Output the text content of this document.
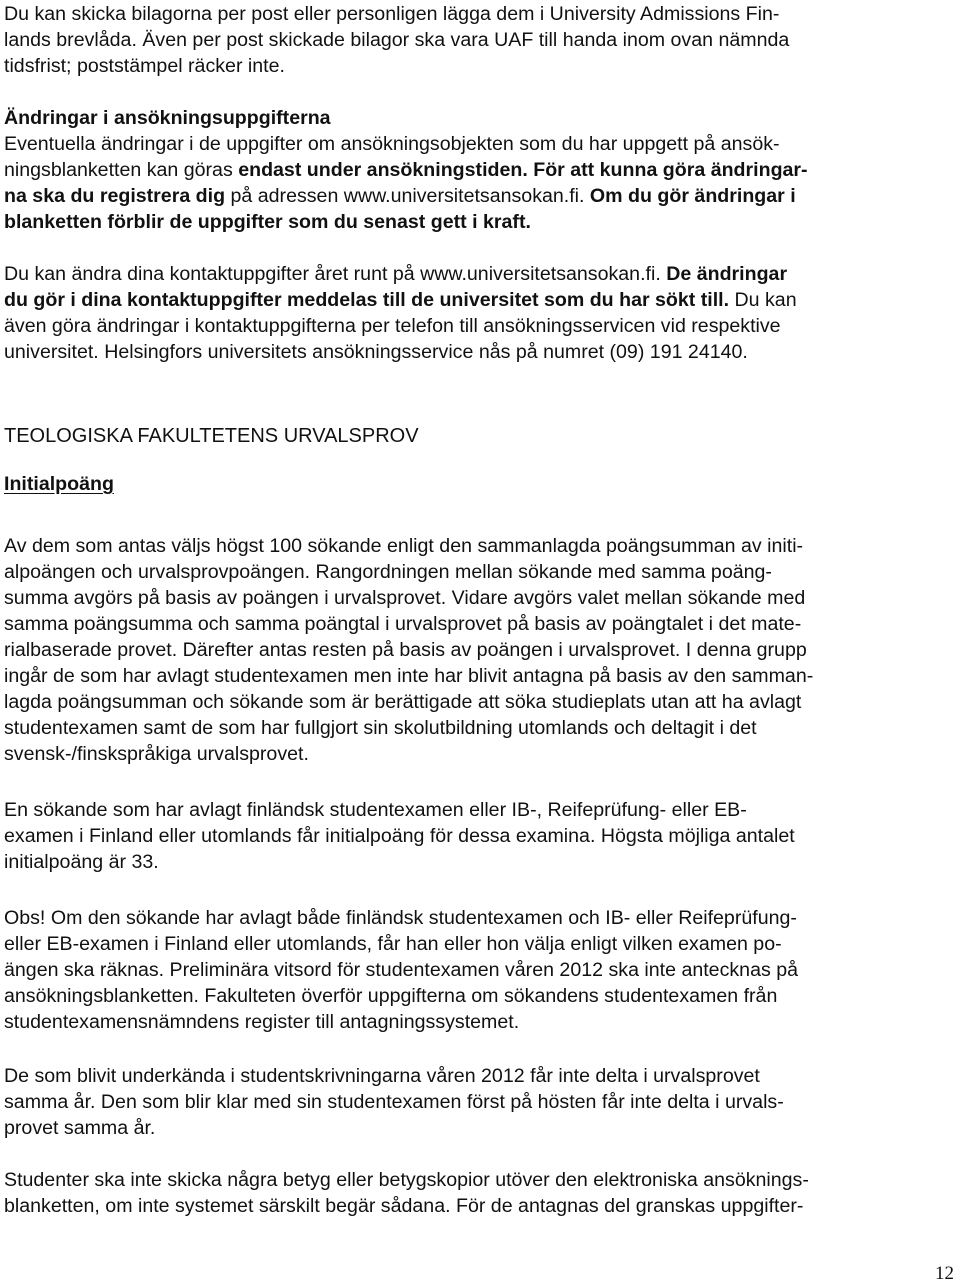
Du kan skicka bilagorna per post eller personligen lägga dem i University Admissions Fin-
lands brevlåda. Även per post skickade bilagor ska vara UAF till handa inom ovan nämnda
tidsfrist; poststämpel räcker inte.
Ändringar i ansökningsuppgifterna
Eventuella ändringar i de uppgifter om ansökningsobjekten som du har uppgett på ansök-
ningsblanketten kan göras endast under ansökningstiden. För att kunna göra ändringar-
na ska du registrera dig på adressen www.universitetsansokan.fi. Om du gör ändringar i
blanketten förblir de uppgifter som du senast gett i kraft.
Du kan ändra dina kontaktuppgifter året runt på www.universitetsansokan.fi. De ändringar
du gör i dina kontaktuppgifter meddelas till de universitet som du har sökt till. Du kan
även göra ändringar i kontaktuppgifterna per telefon till ansökningsservicen vid respektive
universitet. Helsingfors universitets ansökningsservice nås på numret (09) 191 24140.
TEOLOGISKA FAKULTETENS URVALSPROV
Initialpoäng
Av dem som antas väljs högst 100 sökande enligt den sammanlagda poängsumman av initi-
alpoängen och urvalsprovpoängen. Rangordningen mellan sökande med samma poäng-
summa avgörs på basis av poängen i urvalsprovet. Vidare avgörs valet mellan sökande med
samma poängsumma och samma poängtal i urvalsprovet på basis av poängtalet i det mate-
rialbaserade provet. Därefter antas resten på basis av poängen i urvalsprovet. I denna grupp
ingår de som har avlagt studentexamen men inte har blivit antagna på basis av den samman-
lagda poängsumman och sökande som är berättigade att söka studieplats utan att ha avlagt
studentexamen samt de som har fullgjort sin skolutbildning utomlands och deltagit i det
svensk-/finskspråkiga urvalsprovet.
En sökande som har avlagt finländsk studentexamen eller IB-, Reifeprüfung- eller EB-
examen i Finland eller utomlands får initialpoäng för dessa examina. Högsta möjliga antalet
initialpoäng är 33.
Obs! Om den sökande har avlagt både finländsk studentexamen och IB- eller Reifeprüfung-
eller EB-examen i Finland eller utomlands, får han eller hon välja enligt vilken examen po-
ängen ska räknas. Preliminära vitsord för studentexamen våren 2012 ska inte antecknas på
ansökningsblanketten. Fakulteten överför uppgifterna om sökandens studentexamen från
studentexamensnämndens register till antagningssystemet.
De som blivit underkända i studentskrivningarna våren 2012 får inte delta i urvalsprovet
samma år. Den som blir klar med sin studentexamen först på hösten får inte delta i urvals-
provet samma år.
Studenter ska inte skicka några betyg eller betygskopior utöver den elektroniska ansöknings-
blanketten, om inte systemet särskilt begär sådana. För de antagnas del granskas uppgifter-
12
